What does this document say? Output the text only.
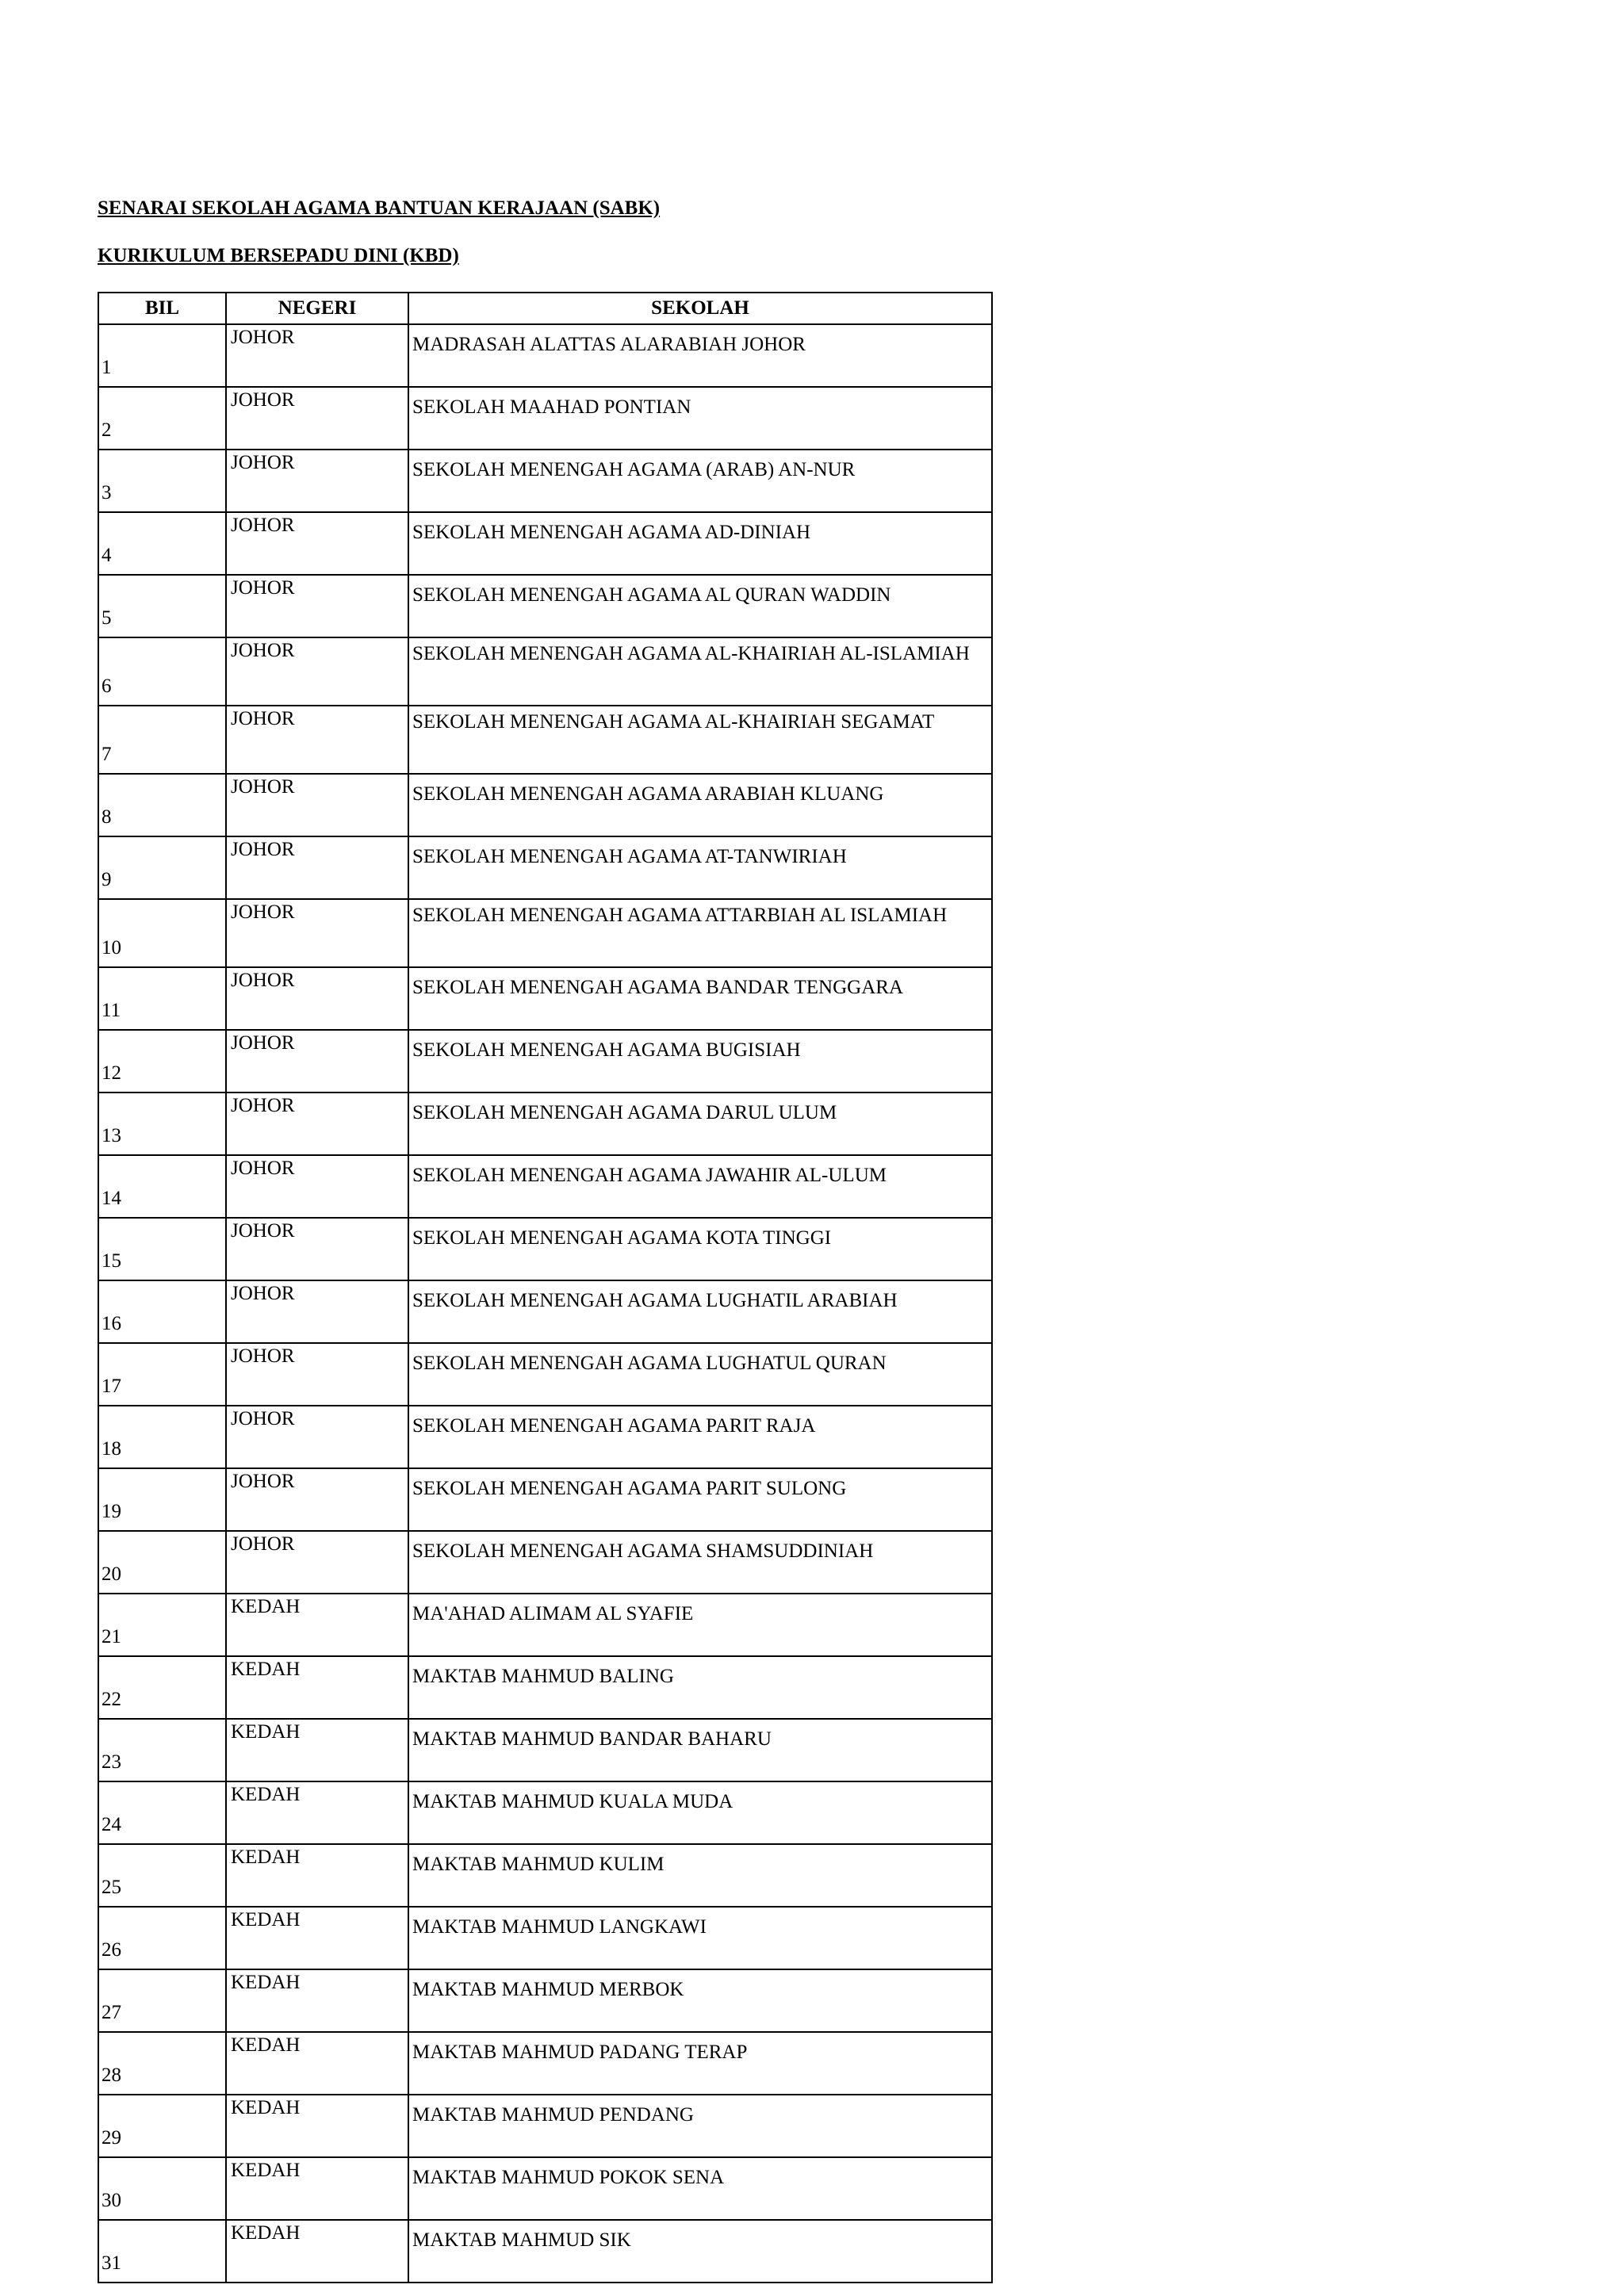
SENARAI SEKOLAH AGAMA BANTUAN KERAJAAN (SABK)
KURIKULUM BERSEPADU DINI (KBD)
BIL	NEGERI	SEKOLAH
1	JOHOR	MADRASAH ALATTAS ALARABIAH JOHOR
2	JOHOR	SEKOLAH MAAHAD PONTIAN
3	JOHOR	SEKOLAH MENENGAH AGAMA (ARAB) AN-NUR
4	JOHOR	SEKOLAH MENENGAH AGAMA AD-DINIAH
5	JOHOR	SEKOLAH MENENGAH AGAMA AL QURAN WADDIN
6	JOHOR	SEKOLAH MENENGAH AGAMA AL-KHAIRIAH AL-ISLAMIAH
7	JOHOR	SEKOLAH MENENGAH AGAMA AL-KHAIRIAH SEGAMAT
8	JOHOR	SEKOLAH MENENGAH AGAMA ARABIAH KLUANG
9	JOHOR	SEKOLAH MENENGAH AGAMA AT-TANWIRIAH
10	JOHOR	SEKOLAH MENENGAH AGAMA ATTARBIAH AL ISLAMIAH
11	JOHOR	SEKOLAH MENENGAH AGAMA BANDAR TENGGARA
12	JOHOR	SEKOLAH MENENGAH AGAMA BUGISIAH
13	JOHOR	SEKOLAH MENENGAH AGAMA DARUL ULUM
14	JOHOR	SEKOLAH MENENGAH AGAMA JAWAHIR AL-ULUM
15	JOHOR	SEKOLAH MENENGAH AGAMA KOTA TINGGI
16	JOHOR	SEKOLAH MENENGAH AGAMA LUGHATIL ARABIAH
17	JOHOR	SEKOLAH MENENGAH AGAMA LUGHATUL QURAN
18	JOHOR	SEKOLAH MENENGAH AGAMA PARIT RAJA
19	JOHOR	SEKOLAH MENENGAH AGAMA PARIT SULONG
20	JOHOR	SEKOLAH MENENGAH AGAMA SHAMSUDDINIAH
21	KEDAH	MA'AHAD ALIMAM AL SYAFIE
22	KEDAH	MAKTAB MAHMUD BALING
23	KEDAH	MAKTAB MAHMUD BANDAR BAHARU
24	KEDAH	MAKTAB MAHMUD KUALA MUDA
25	KEDAH	MAKTAB MAHMUD KULIM
26	KEDAH	MAKTAB MAHMUD LANGKAWI
27	KEDAH	MAKTAB MAHMUD MERBOK
28	KEDAH	MAKTAB MAHMUD PADANG TERAP
29	KEDAH	MAKTAB MAHMUD PENDANG
30	KEDAH	MAKTAB MAHMUD POKOK SENA
31	KEDAH	MAKTAB MAHMUD SIK
